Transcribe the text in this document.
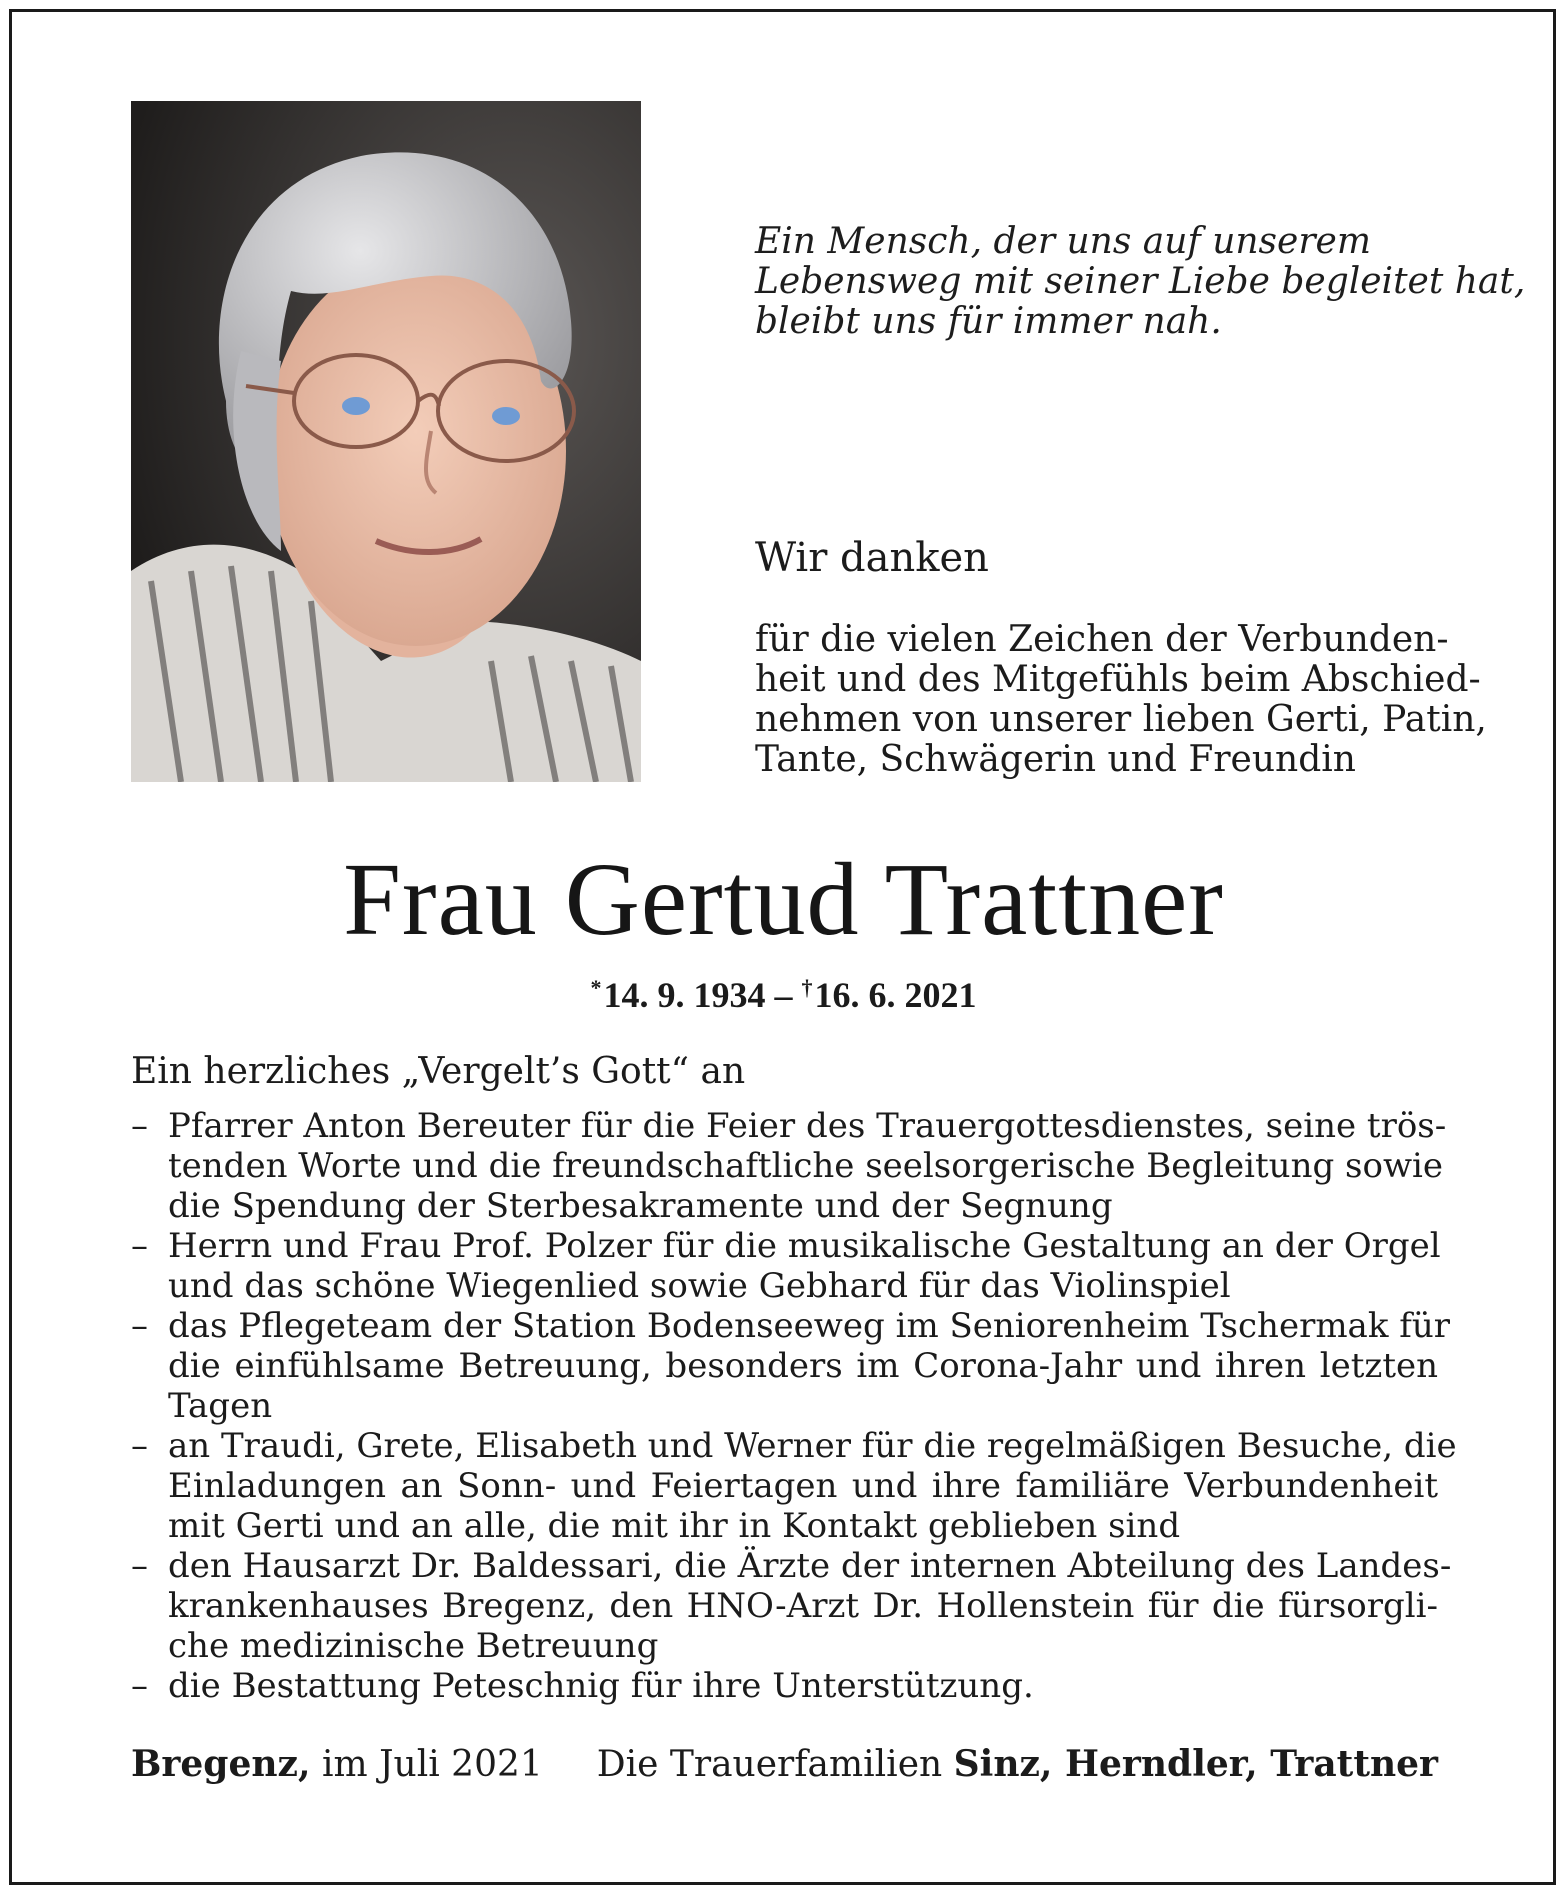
Ein Mensch, der uns auf unserem
Lebensweg mit seiner Liebe begleitet hat,
bleibt uns für immer nah.
Wir danken
für die vielen Zeichen der Verbunden-
heit und des Mitgefühls beim Abschied-
nehmen von unserer lieben Gerti, Patin,
Tante, Schwägerin und Freundin
Frau Gertud Trattner
*14. 9. 1934 – †16. 6. 2021
Ein herzliches „Vergelt’s Gott“ an
– Pfarrer Anton Bereuter für die Feier des Trauergottesdienstes, seine trös-
tenden Worte und die freundschaftliche seelsorgerische Begleitung sowie
die Spendung der Sterbesakramente und der Segnung
– Herrn und Frau Prof. Polzer für die musikalische Gestaltung an der Orgel
und das schöne Wiegenlied sowie Gebhard für das Violinspiel
– das Pflegeteam der Station Bodenseeweg im Seniorenheim Tschermak für
die einfühlsame Betreuung, besonders im Corona-Jahr und ihren letzten
Tagen
– an Traudi, Grete, Elisabeth und Werner für die regelmäßigen Besuche, die
Einladungen an Sonn- und Feiertagen und ihre familiäre Verbundenheit
mit Gerti und an alle, die mit ihr in Kontakt geblieben sind
– den Hausarzt Dr. Baldessari, die Ärzte der internen Abteilung des Landes-
krankenhauses Bregenz, den HNO-Arzt Dr. Hollenstein für die fürsorgli-
che medizinische Betreuung
– die Bestattung Peteschnig für ihre Unterstützung.
Bregenz, im Juli 2021 Die Trauerfamilien Sinz, Herndler, Trattner
